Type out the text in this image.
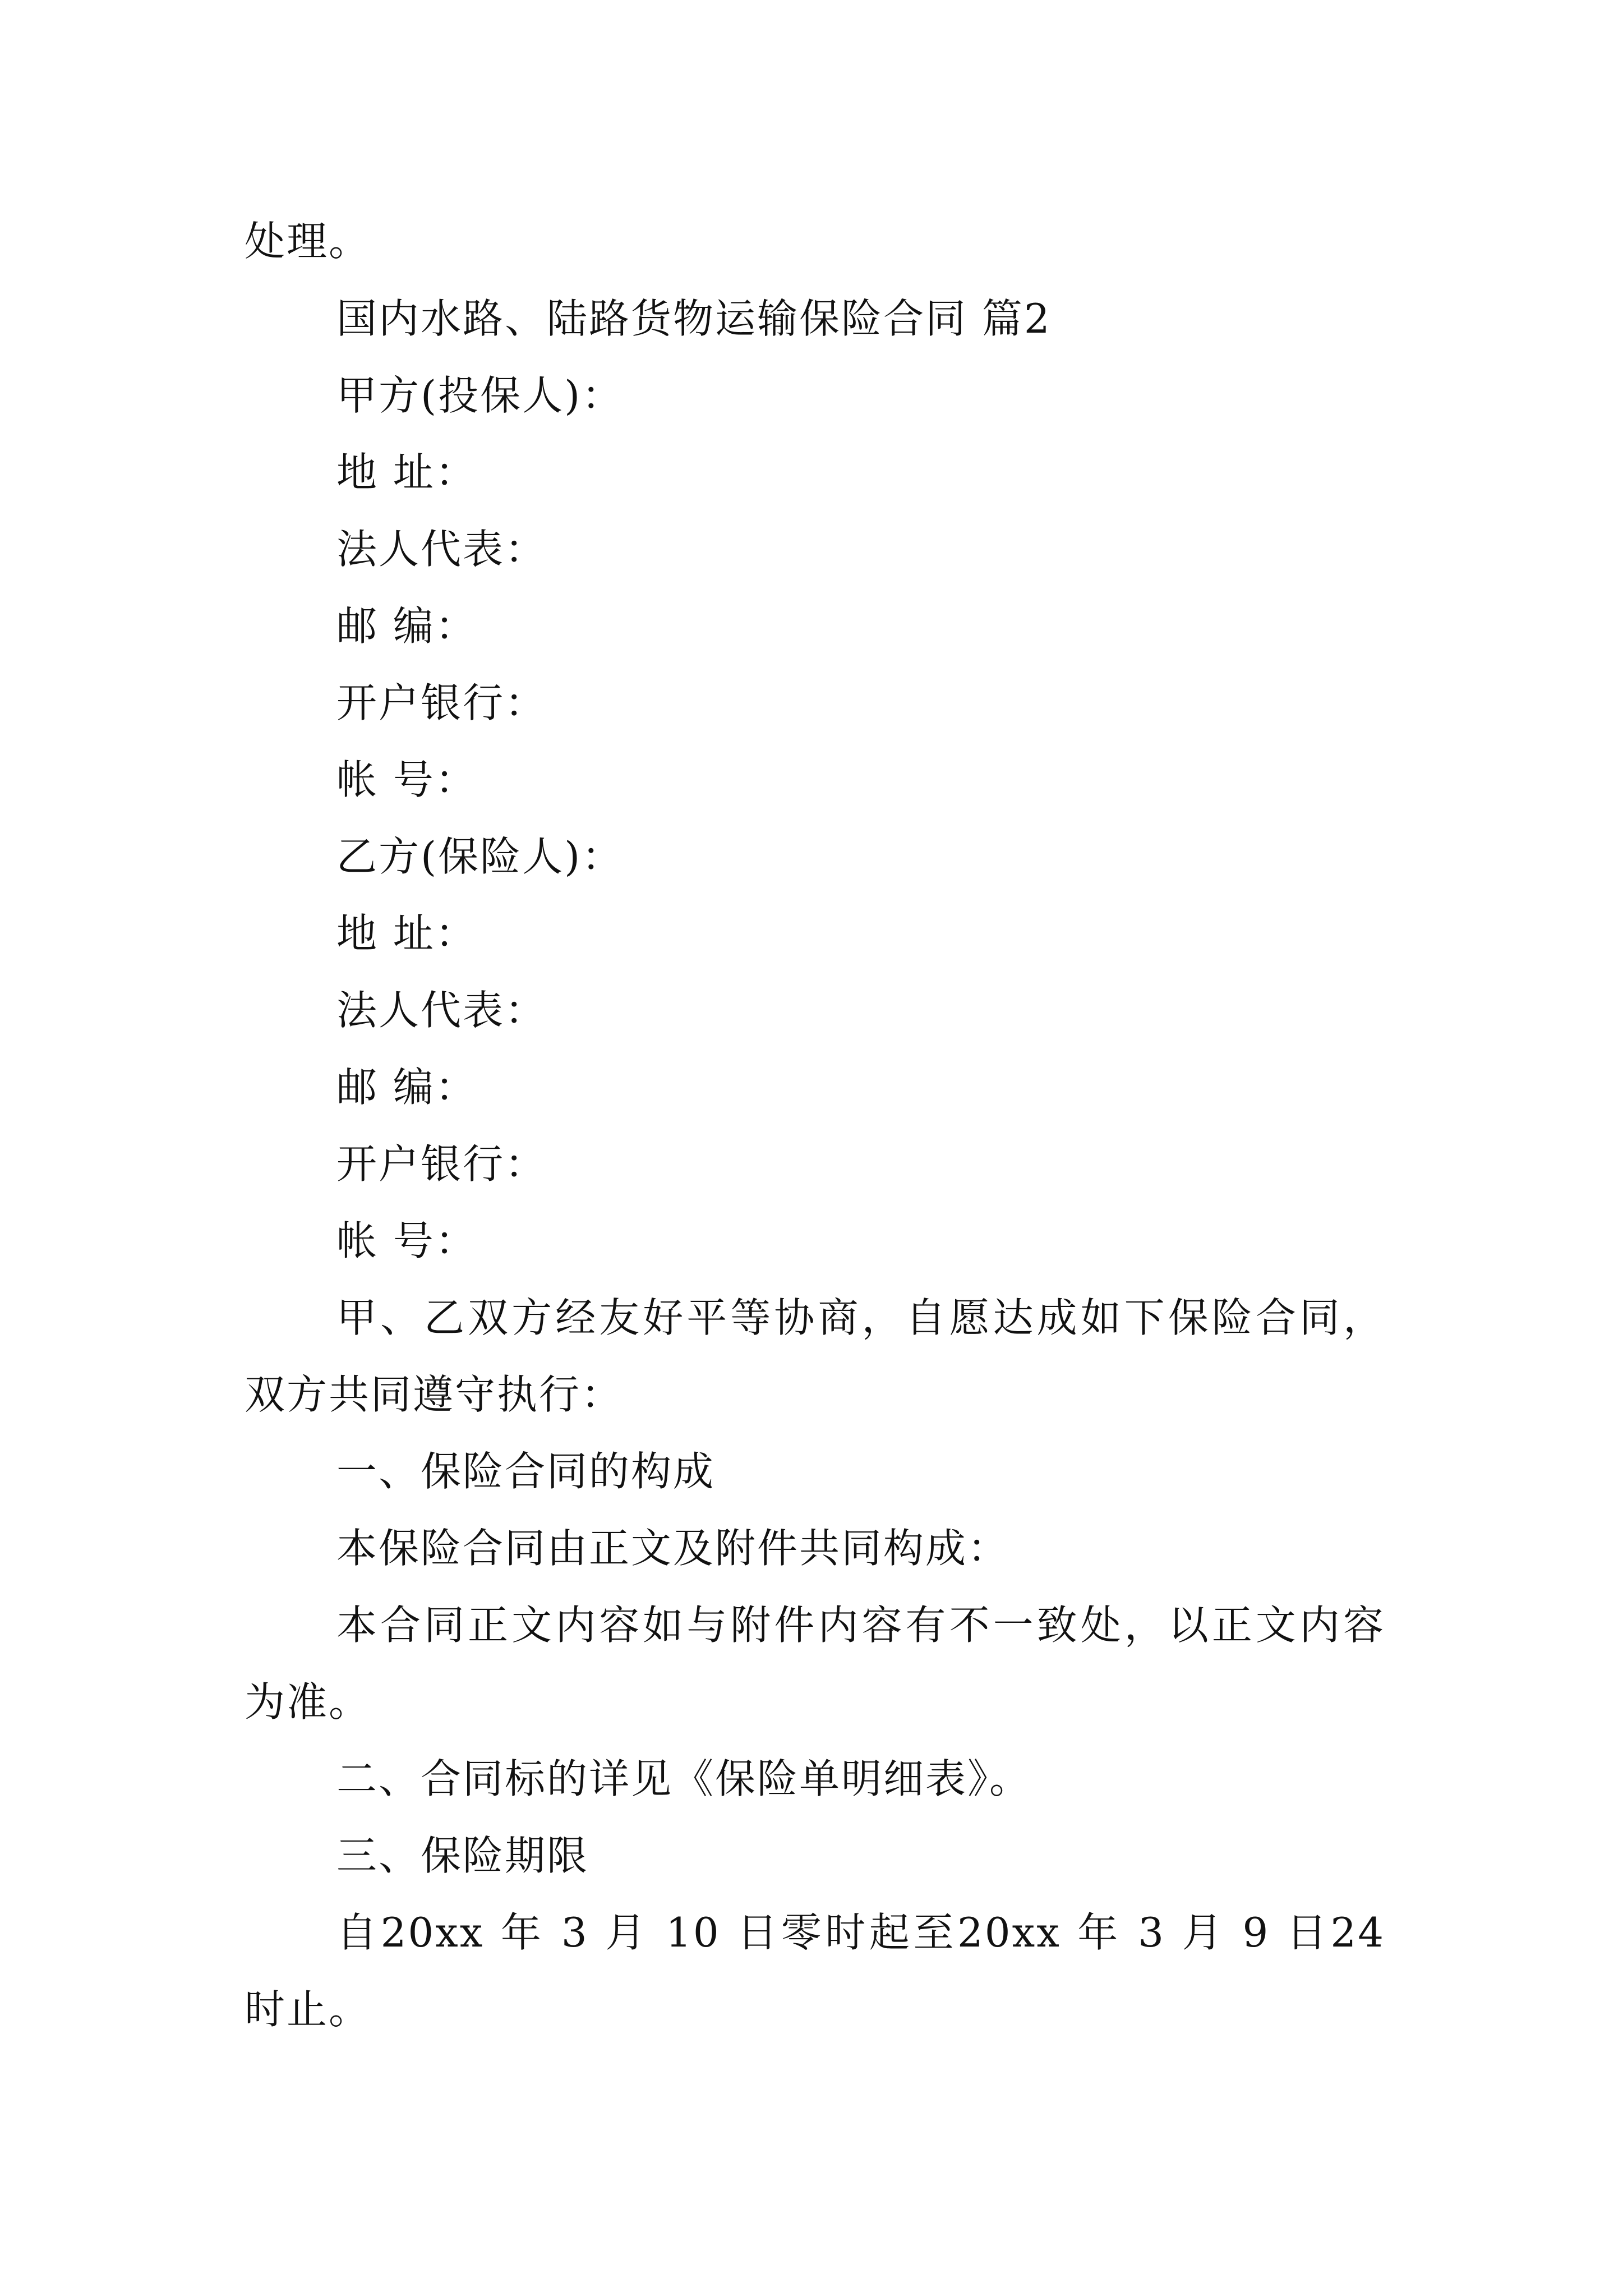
处理。
国内水路、陆路货物运输保险合同 篇2
甲方(投保人)：
地 址：
法人代表：
邮 编：
开户银行：
帐 号：
乙方(保险人)：
地 址：
法人代表：
邮 编：
开户银行：
帐 号：
甲、乙双方经友好平等协商，自愿达成如下保险合同，
双方共同遵守执行：
一、保险合同的构成
本保险合同由正文及附件共同构成：
本合同正文内容如与附件内容有不一致处，以正文内容
为准。
二、合同标的详见《保险单明细表》。
三、保险期限
自20xx 年 3 月 10 日零时起至20xx 年 3 月 9 日24
时止。
